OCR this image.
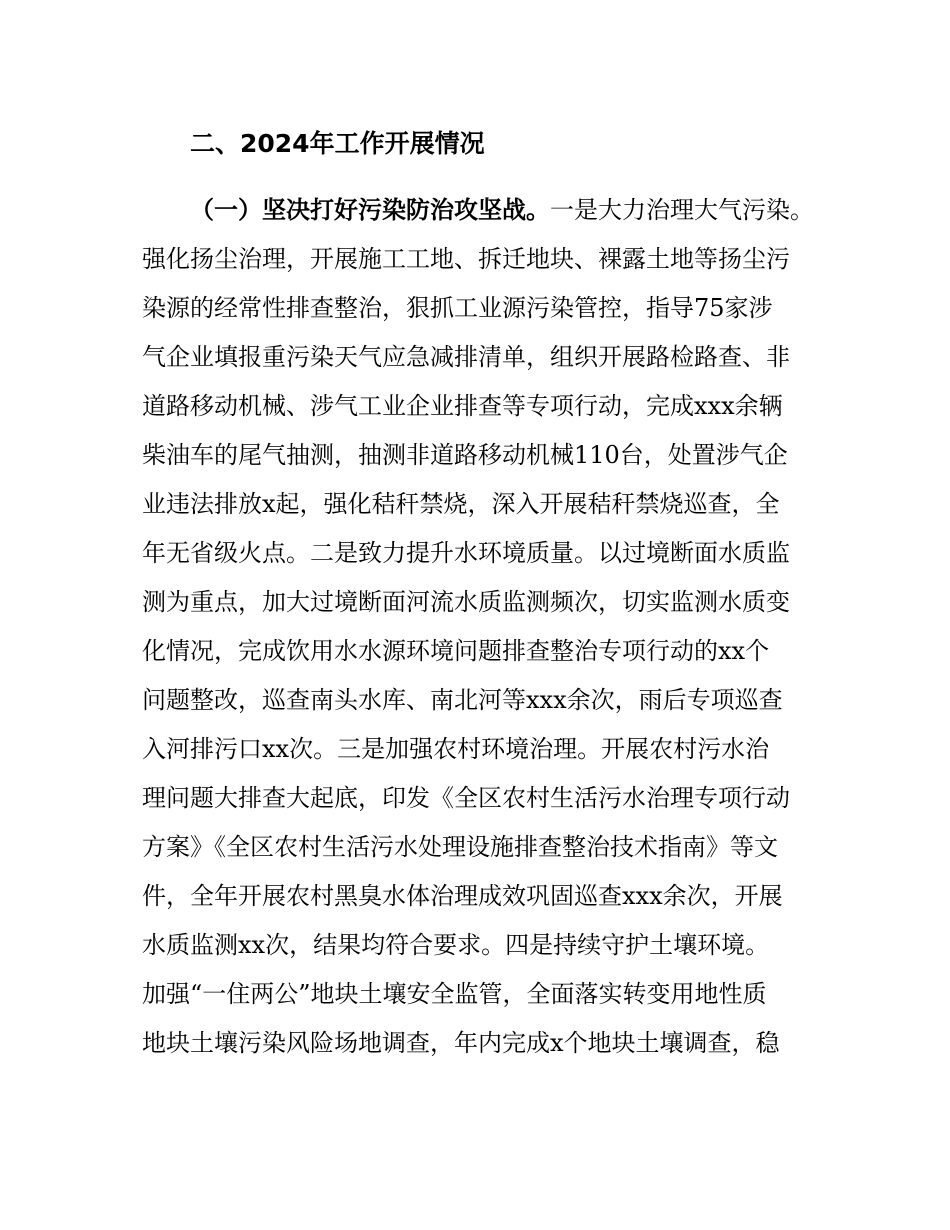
二、2024年工作开展情况
（一）坚决打好污染防治攻坚战。一是大力治理大气污染。
强化扬尘治理，开展施工工地、拆迁地块、裸露土地等扬尘污
染源的经常性排查整治，狠抓工业源污染管控，指导75家涉
气企业填报重污染天气应急减排清单，组织开展路检路查、非
道路移动机械、涉气工业企业排查等专项行动，完成xxx余辆
柴油车的尾气抽测，抽测非道路移动机械110台，处置涉气企
业违法排放x起，强化秸秆禁烧，深入开展秸秆禁烧巡查，全
年无省级火点。二是致力提升水环境质量。以过境断面水质监
测为重点，加大过境断面河流水质监测频次，切实监测水质变
化情况，完成饮用水水源环境问题排查整治专项行动的xx个
问题整改，巡查南头水库、南北河等xxx余次，雨后专项巡查
入河排污口xx次。三是加强农村环境治理。开展农村污水治
理问题大排查大起底，印发《全区农村生活污水治理专项行动
方案》《全区农村生活污水处理设施排查整治技术指南》等文
件，全年开展农村黑臭水体治理成效巩固巡查xxx余次，开展
水质监测xx次，结果均符合要求。四是持续守护土壤环境。
加强“一住两公”地块土壤安全监管，全面落实转变用地性质
地块土壤污染风险场地调查，年内完成x个地块土壤调查，稳
